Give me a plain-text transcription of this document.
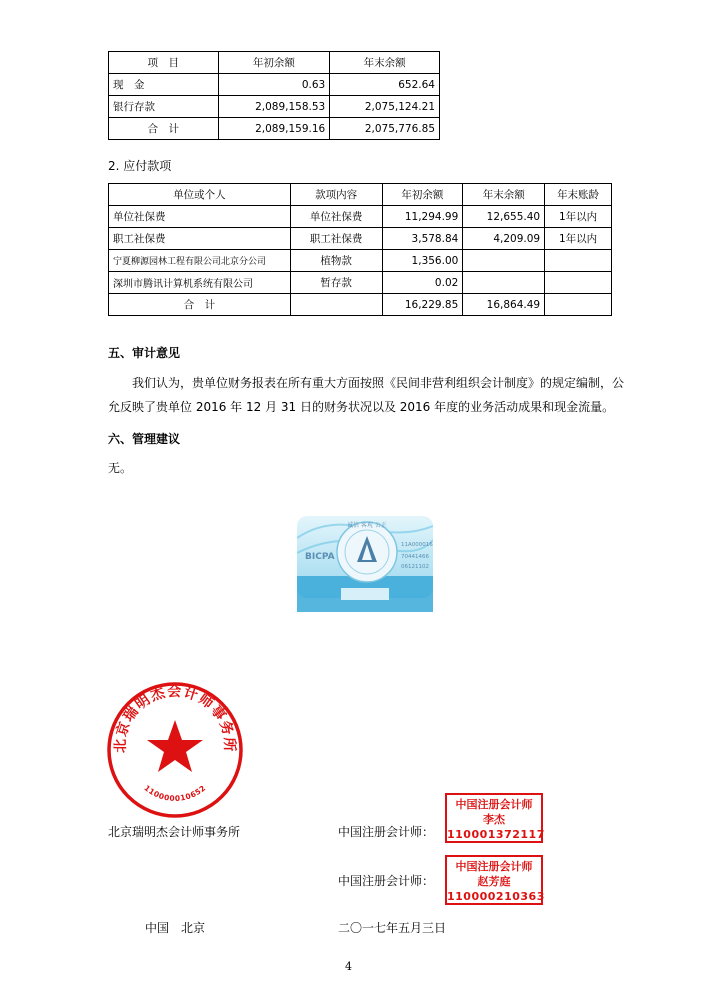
项　目	年初余额	年末余额
现　金	0.63	652.64
银行存款	2,089,158.53	2,075,124.21
合　计	2,089,159.16	2,075,776.85
2. 应付款项
单位或个人	款项内容	年初余额	年末余额	年末账龄
单位社保费	单位社保费	11,294.99	12,655.40	1年以内
职工社保费	职工社保费	3,578.84	4,209.09	1年以内
宁夏柳源园林工程有限公司北京分公司	植物款	1,356.00		
深圳市腾讯计算机系统有限公司	暂存款	0.02		
合　计		16,229.85	16,864.49	
五、审计意见
我们认为，贵单位财务报表在所有重大方面按照《民间非营利组织会计制度》的规定编制，公允反映了贵单位 2016 年 12 月 31 日的财务状况以及 2016 年度的业务活动成果和现金流量。
六、管理建议
无。
BICPA
诚信 客观 公正
11A000016
70441466
06121102
北京瑞明杰会计师事务所
110000010652
北京瑞明杰会计师事务所	中国注册会计师：
中国注册会计师
李杰
110001372117
中国注册会计师：
中国注册会计师
赵芳庭
110000210363
中国　北京	二〇一七年五月三日
4
